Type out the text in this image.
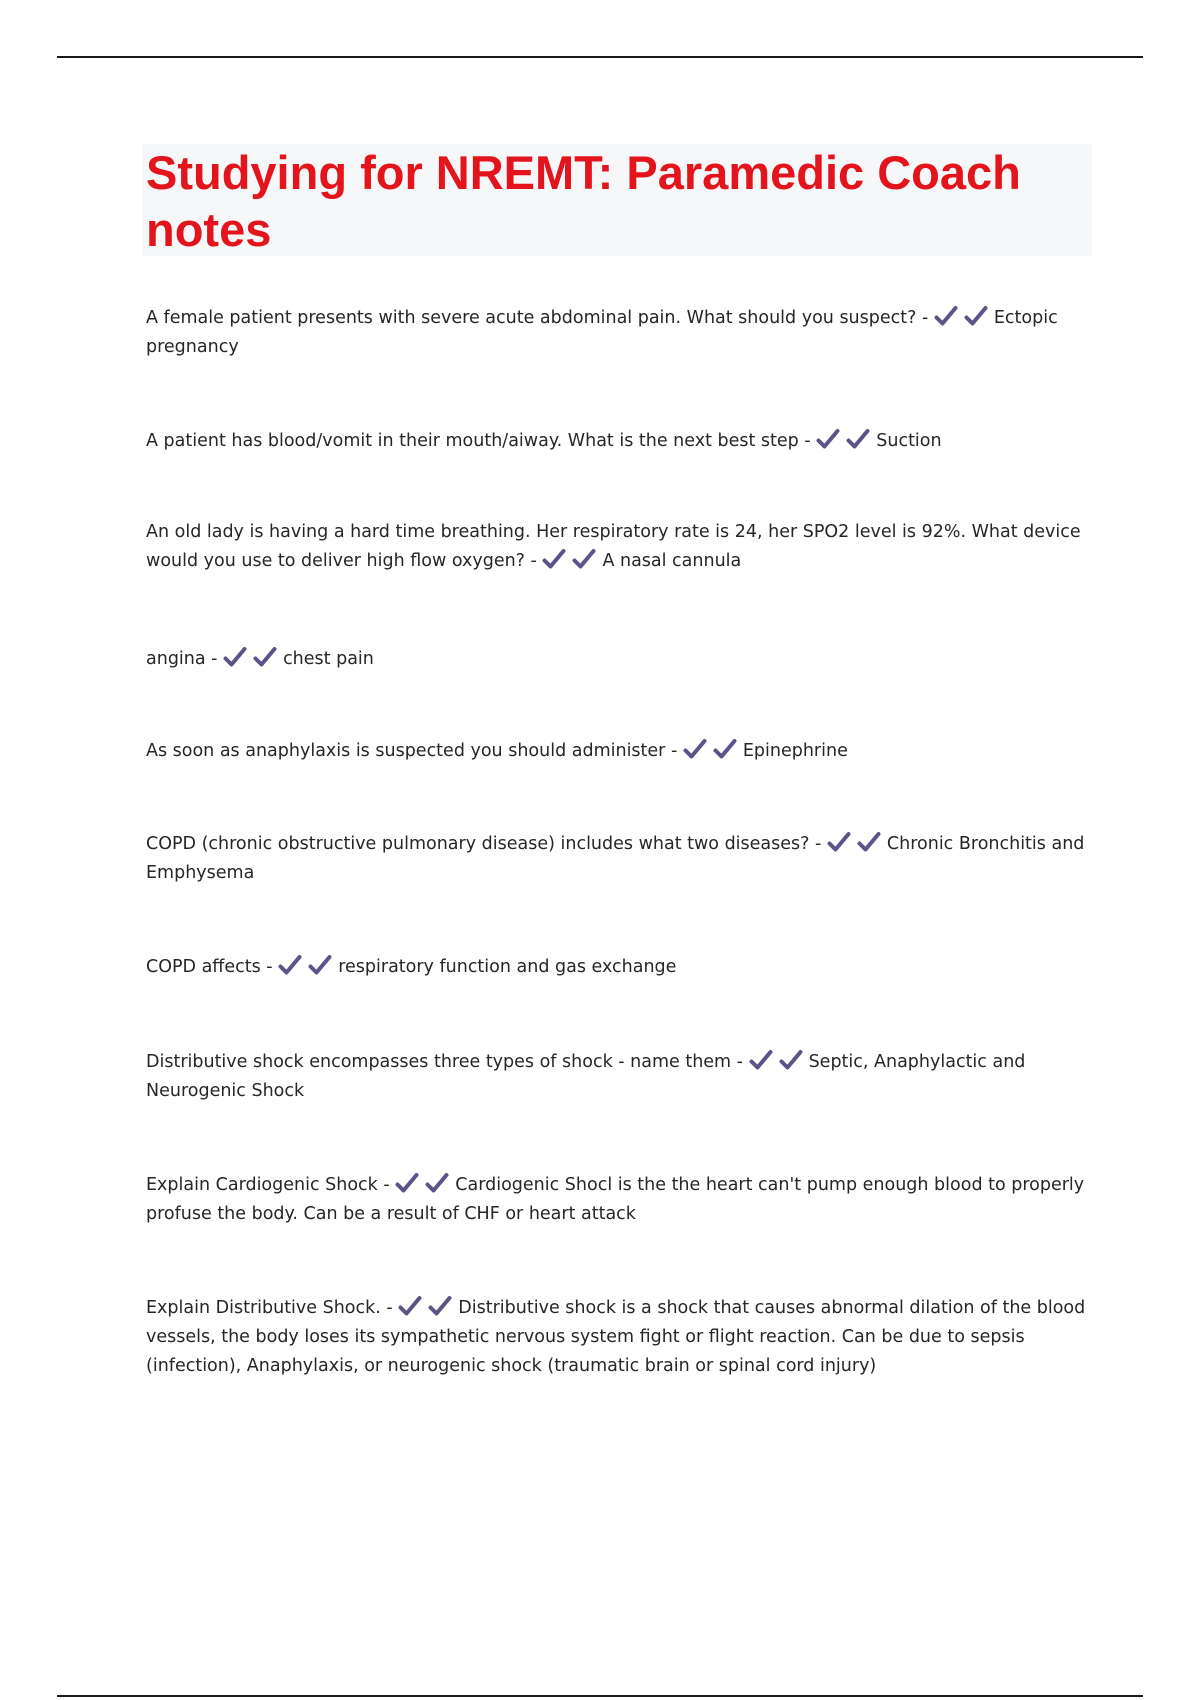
Studying for NREMT: Paramedic Coach notes

A female patient presents with severe acute abdominal pain. What should you suspect? -	Ectopic pregnancy

A patient has blood/vomit in their mouth/aiway. What is the next best step -	Suction

An old lady is having a hard time breathing. Her respiratory rate is 24, her SPO2 level is 92%. What device would you use to deliver high flow oxygen? -	A nasal cannula

angina -	chest pain

As soon as anaphylaxis is suspected you should administer -	Epinephrine

COPD (chronic obstructive pulmonary disease) includes what two diseases? -	Chronic Bronchitis and Emphysema

COPD affects -	respiratory function and gas exchange

Distributive shock encompasses three types of shock - name them -	Septic, Anaphylactic and Neurogenic Shock

Explain Cardiogenic Shock -	Cardiogenic Shocl is the the heart can't pump enough blood to properly profuse the body. Can be a result of CHF or heart attack

Explain Distributive Shock. -	Distributive shock is a shock that causes abnormal dilation of the blood vessels, the body loses its sympathetic nervous system fight or flight reaction. Can be due to sepsis (infection), Anaphylaxis, or neurogenic shock (traumatic brain or spinal cord injury)
